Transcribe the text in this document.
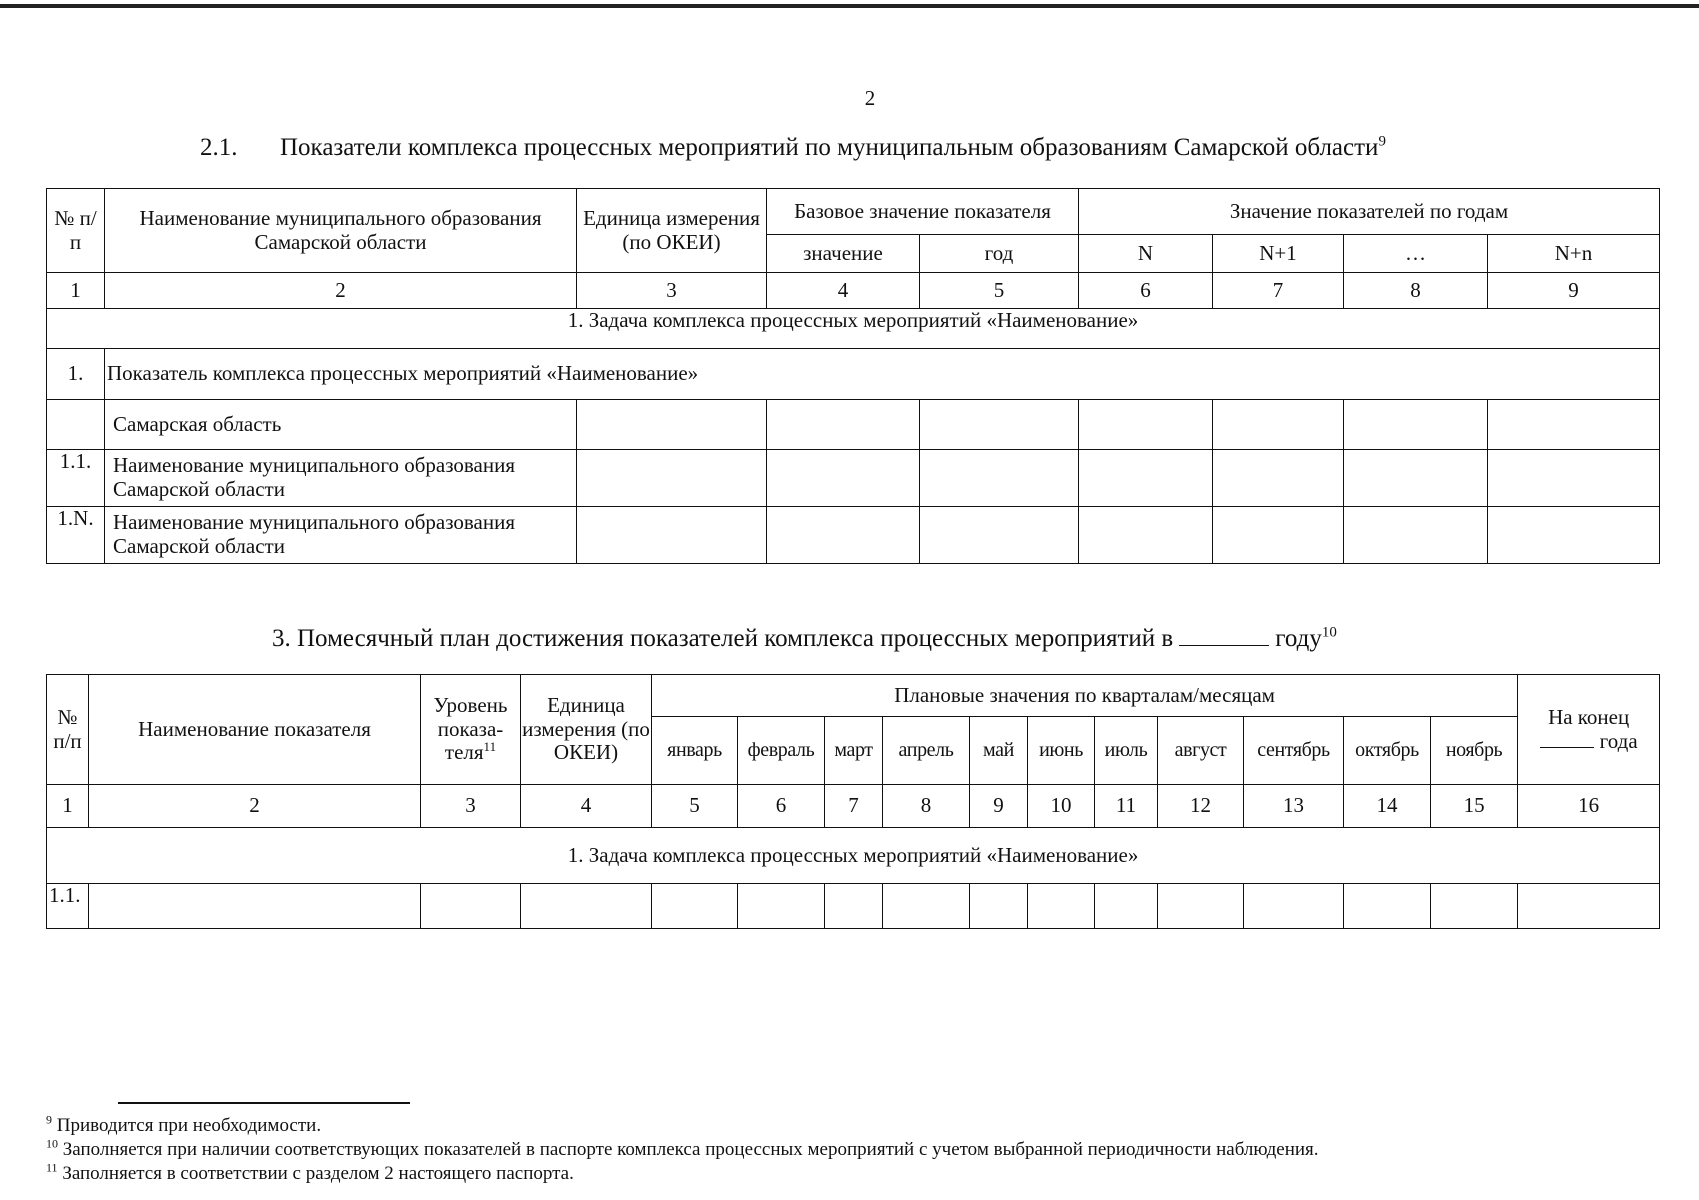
2
2.1. Показатели комплекса процессных мероприятий по муниципальным образованиям Самарской области$^9$
№ п/п	Наименование муниципального образования Самарской области	Единица измерения (по ОКЕИ)	Базовое значение показателя		Значение показателей по годам			
			значение	год	N	N+1	…	N+n
1	2	3	4	5	6	7	8	9
1. Задача комплекса процессных мероприятий «Наименование»								
1.	Показатель комплекса процессных мероприятий «Наименование»							
	Самарская область							
1.1.	Наименование муниципального образования Самарской области							
1.N.	Наименование муниципального образования Самарской области							
3. Помесячный план достижения показателей комплекса процессных мероприятий в	году$^{10}$
№ п/п	Наименование показателя	Уровень показа-теля$^{11}$	Единица измерения (по ОКЕИ)	Плановые значения по кварталам/месяцам											На конец
года

				январь	февраль	март	апрель	май	июнь	июль	август	сентябрь	октябрь	ноябрь	
1	2	3	4	5	6	7	8	9	10	11	12	13	14	15	16
1. Задача комплекса процессных мероприятий «Наименование»															
1.1.															
$^9$ Приводится при необходимости.
$^{10}$ Заполняется при наличии соответствующих показателей в паспорте комплекса процессных мероприятий с учетом выбранной периодичности наблюдения.
$^{11}$ Заполняется в соответствии с разделом 2 настоящего паспорта.
